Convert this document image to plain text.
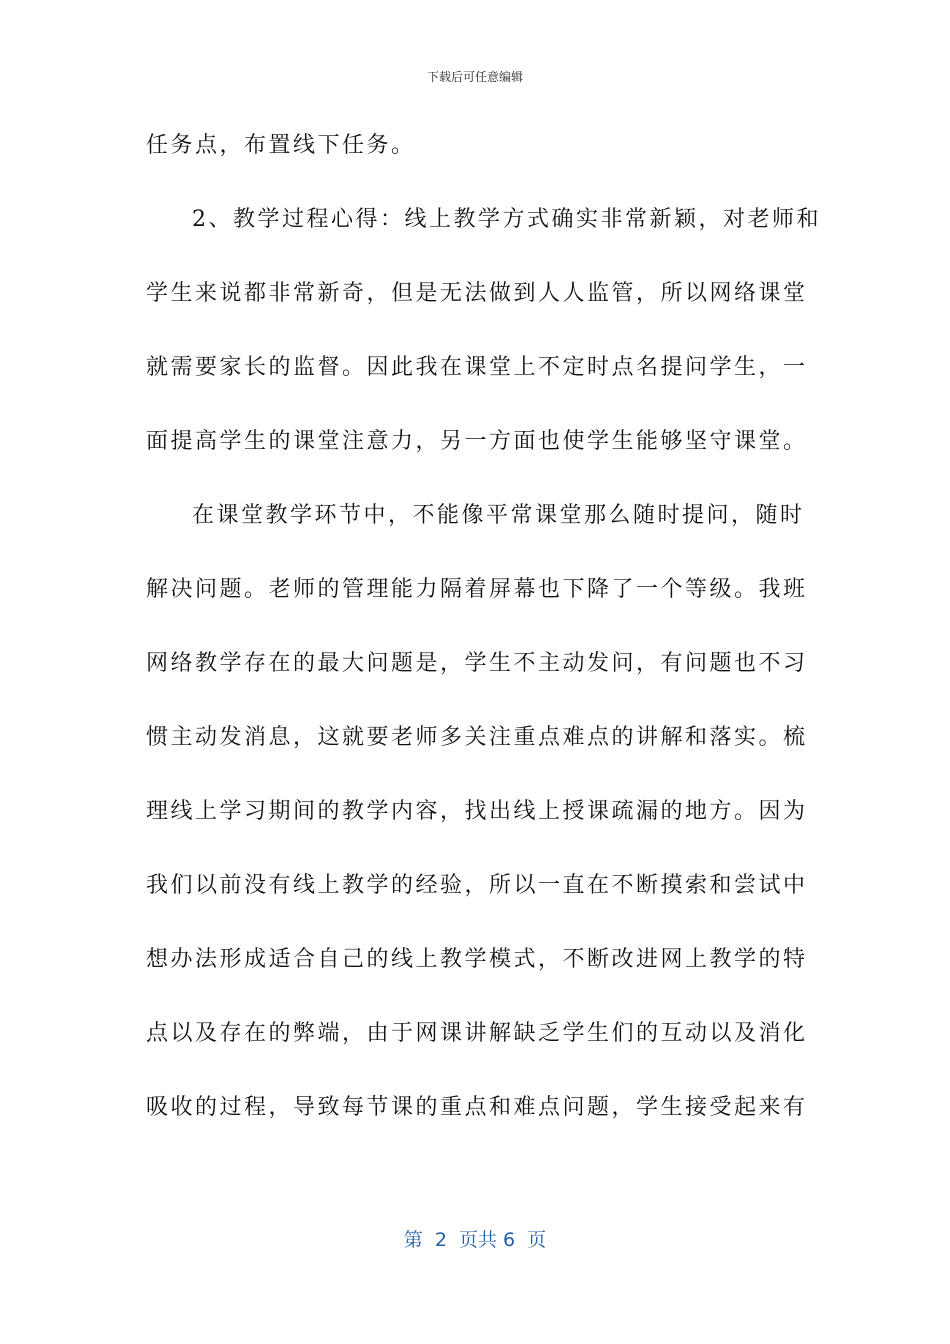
下载后可任意编辑
任务点，布置线下任务。
2、教学过程心得：线上教学方式确实非常新颖，对老师和
学生来说都非常新奇，但是无法做到人人监管，所以网络课堂
就需要家长的监督。因此我在课堂上不定时点名提问学生，一
面提高学生的课堂注意力，另一方面也使学生能够坚守课堂。
在课堂教学环节中，不能像平常课堂那么随时提问，随时
解决问题。老师的管理能力隔着屏幕也下降了一个等级。我班
网络教学存在的最大问题是，学生不主动发问，有问题也不习
惯主动发消息，这就要老师多关注重点难点的讲解和落实。梳
理线上学习期间的教学内容，找出线上授课疏漏的地方。因为
我们以前没有线上教学的经验，所以一直在不断摸索和尝试中
想办法形成适合自己的线上教学模式，不断改进网上教学的特
点以及存在的弊端，由于网课讲解缺乏学生们的互动以及消化
吸收的过程，导致每节课的重点和难点问题，学生接受起来有
第  2  页共 6  页
